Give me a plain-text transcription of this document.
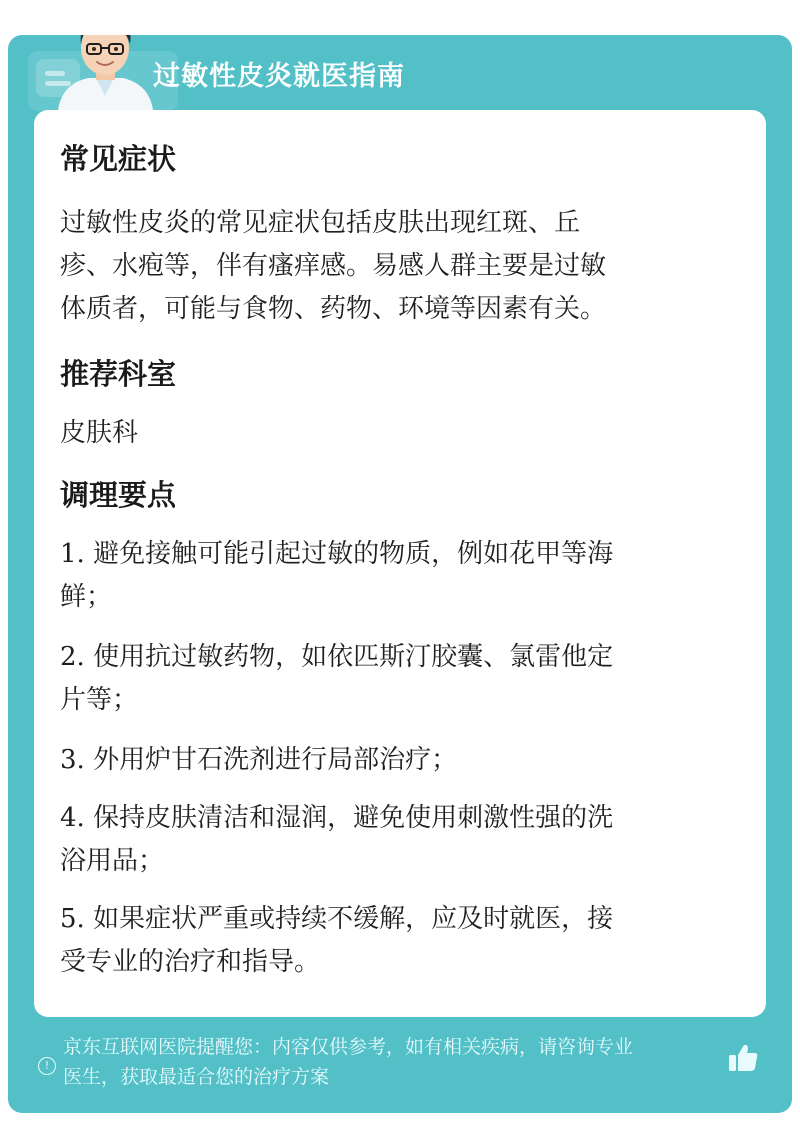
过敏性皮炎就医指南
常见症状
过敏性皮炎的常见症状包括皮肤出现红斑、丘
疹、水疱等，伴有瘙痒感。易感人群主要是过敏
体质者，可能与食物、药物、环境等因素有关。
推荐科室
皮肤科
调理要点
1. 避免接触可能引起过敏的物质，例如花甲等海
鲜；
2. 使用抗过敏药物，如依匹斯汀胶囊、氯雷他定
片等；
3. 外用炉甘石洗剂进行局部治疗；
4. 保持皮肤清洁和湿润，避免使用刺激性强的洗
浴用品；
5. 如果症状严重或持续不缓解，应及时就医，接
受专业的治疗和指导。
!
京东互联网医院提醒您：内容仅供参考，如有相关疾病，请咨询专业
医生，获取最适合您的治疗方案
